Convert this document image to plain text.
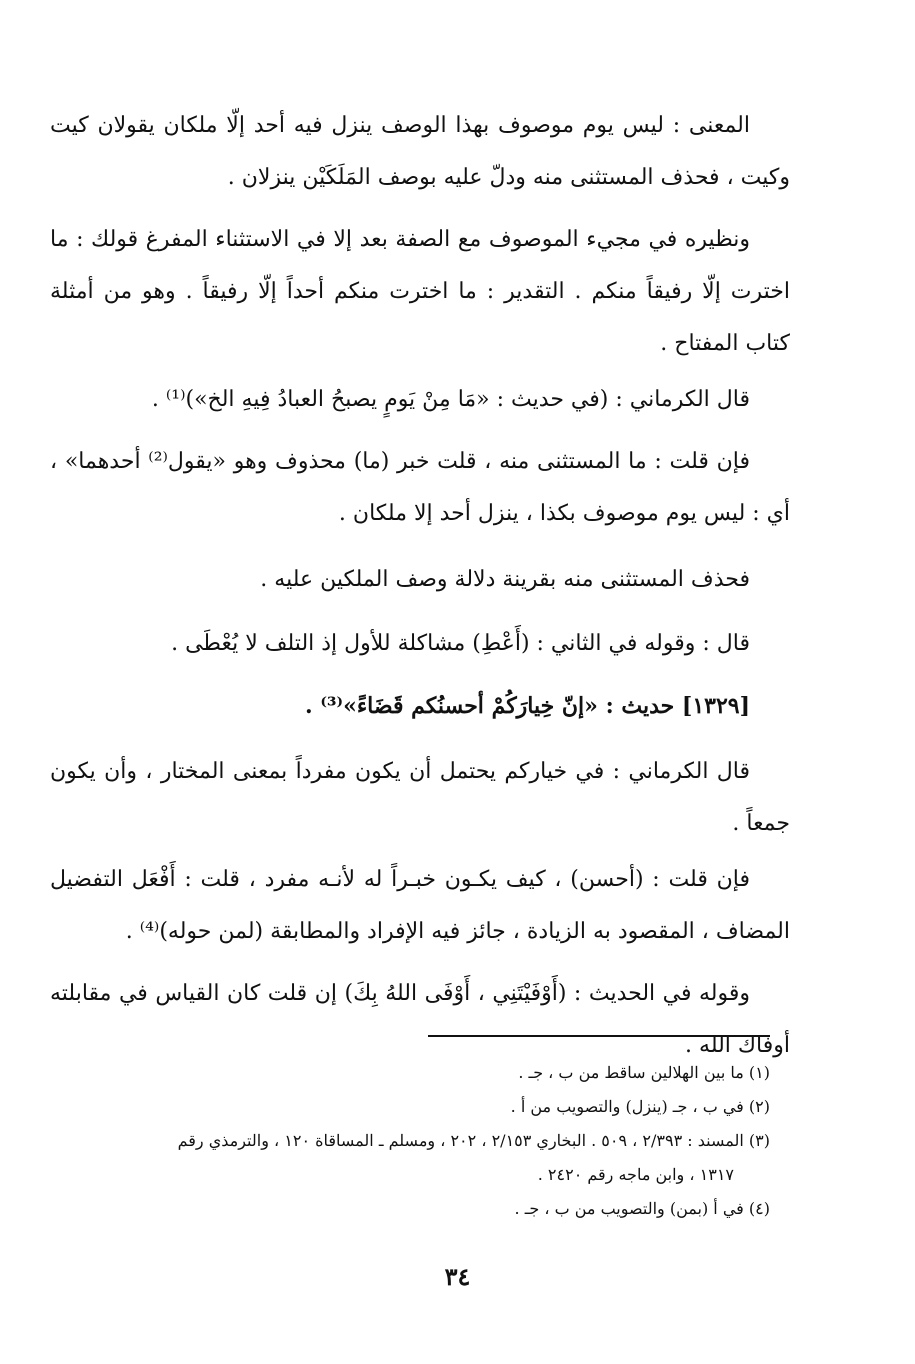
المعنى : ليس يوم موصوف بهذا الوصف ينزل فيه أحد إلّا ملكان يقولان كيت وكيت ، فحذف المستثنى منه ودلّ عليه بوصف المَلَكَيْن ينزلان .

ونظيره في مجيء الموصوف مع الصفة بعد إلا في الاستثناء المفرغ قولك : ما اخترت إلّا رفيقاً منكم . التقدير : ما اخترت منكم أحداً إلّا رفيقاً . وهو من أمثلة كتاب المفتاح .

قال الكرماني : (في حديث : «مَا مِنْ يَومٍ يصبحُ العبادُ فِيهِ الخ»)⁽¹⁾ .

فإن قلت : ما المستثنى منه ، قلت خبر (ما) محذوف وهو «يقول⁽²⁾ أحدهما» ، أي : ليس يوم موصوف بكذا ، ينزل أحد إلا ملكان .

فحذف المستثنى منه بقرينة دلالة وصف الملكين عليه .

قال : وقوله في الثاني : (أَعْطِ) مشاكلة للأول إذ التلف لا يُعْطَى .

[١٣٢٩] حديث : «إنّ خِيارَكُمْ أحسنُكم قَضَاءً»⁽³⁾ .

قال الكرماني : في خيارکم يحتمل أن يكون مفرداً بمعنى المختار ، وأن يكون جمعاً .

فإن قلت : (أحسن) ، كيف يكـون خبـراً له لأنـه مفرد ، قلت : أَفْعَل التفضيل المضاف ، المقصود به الزيادة ، جائز فيه الإفراد والمطابقة (لمن حوله)⁽⁴⁾ .

وقوله في الحديث : (أَوْفَيْتَنِي ، أَوْفَى اللهُ بِكَ) إن قلت كان القياس في مقابلته أوفاك الله .

(١) ما بين الهلالين ساقط من ب ، جـ .

(٢) في ب ، جـ (ينزل) والتصويب من أ .

(٣) المسند : ٢/٣٩٣ ، ٥٠٩ . البخاري ٢/١٥٣ ، ٢٠٢ ، ومسلم ـ المساقاة ١٢٠ ، والترمذي رقم

١٣١٧ ، وابن ماجه رقم ٢٤٢٠ .

(٤) في أ (بمن) والتصويب من ب ، جـ .

٣٤
